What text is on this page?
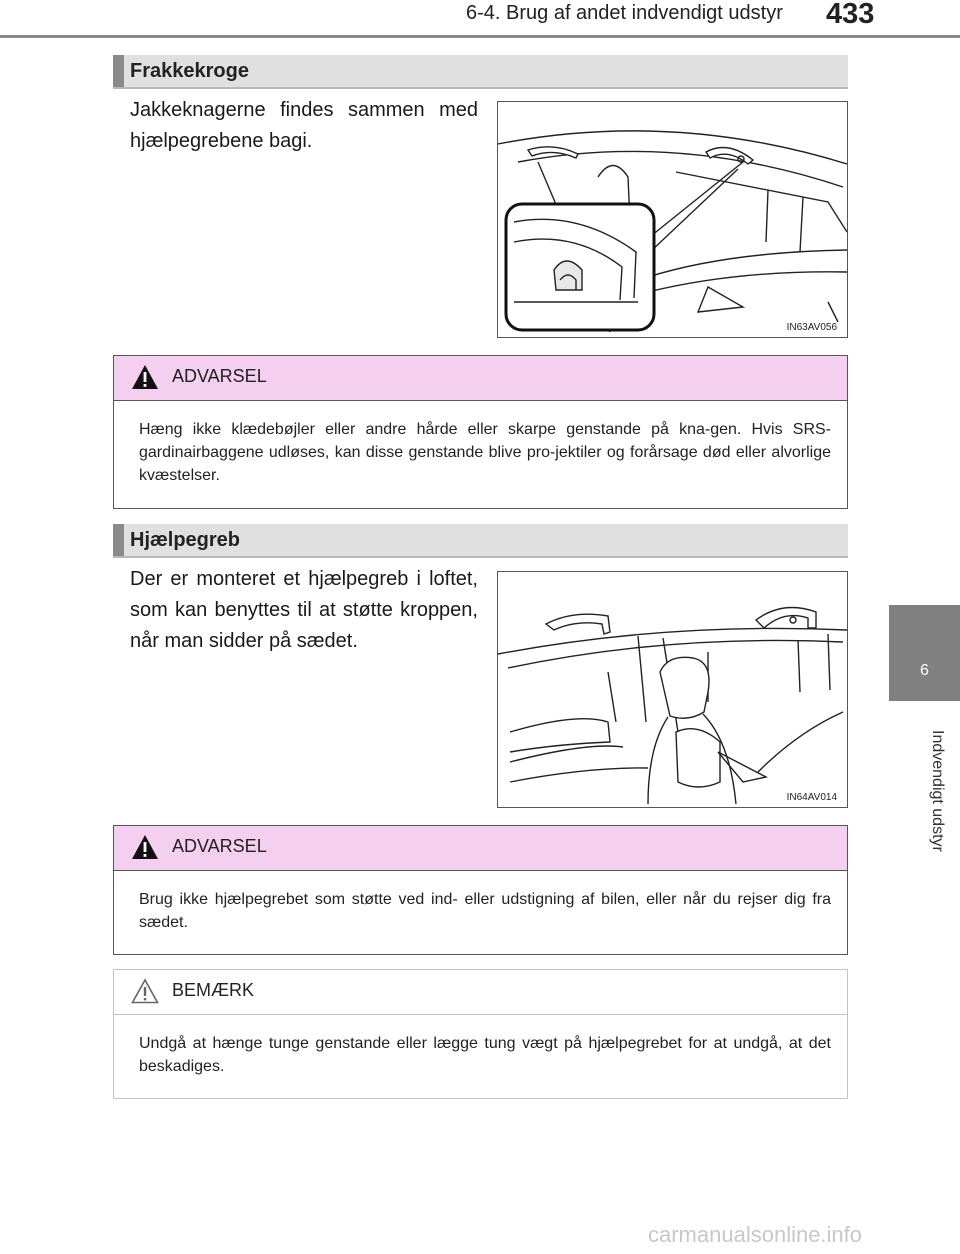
6-4. Brug af andet indvendigt udstyr 433
6
Indvendigt udstyr
Frakkekroge
Jakkeknagerne findes sammen med hjælpegrebene bagi.
IN63AV056
ADVARSEL
Hæng ikke klædebøjler eller andre hårde eller skarpe genstande på kna-gen. Hvis SRS-gardinairbaggene udløses, kan disse genstande blive pro-jektiler og forårsage død eller alvorlige kvæstelser.
Hjælpegreb
Der er monteret et hjælpegreb i loftet, som kan benyttes til at støtte kroppen, når man sidder på sædet.
IN64AV014
ADVARSEL
Brug ikke hjælpegrebet som støtte ved ind- eller udstigning af bilen, eller når du rejser dig fra sædet.
BEMÆRK
Undgå at hænge tunge genstande eller lægge tung vægt på hjælpegrebet for at undgå, at det beskadiges.
carmanualsonline.info
